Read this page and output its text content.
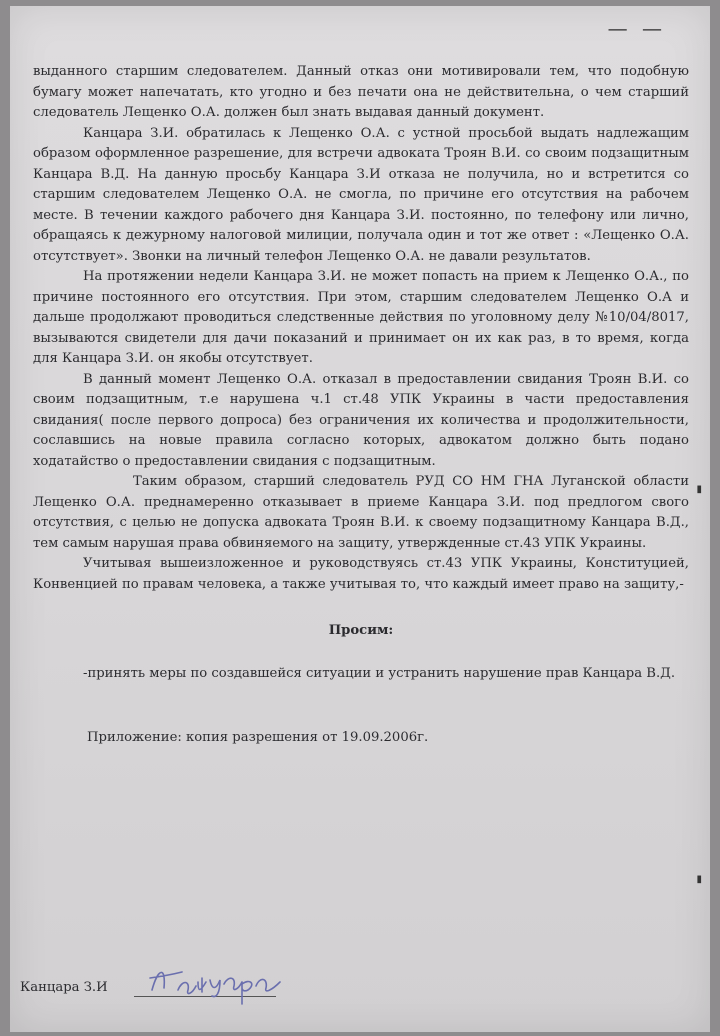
— —

выданного старшим следователем. Данный отказ они мотивировали тем, что подобную бумагу может напечатать, кто угодно и без печати она не действительна, о чем старший следователь Лещенко О.А. должен был знать выдавая данный документ.

Канцара З.И. обратилась к Лещенко О.А. с устной просьбой выдать надлежащим образом оформленное разрешение, для встречи адвоката Троян В.И. со своим подзащитным Канцара В.Д. На данную просьбу Канцара З.И отказа не получила, но и встретится со старшим следователем Лещенко О.А. не смогла, по причине его отсутствия на рабочем месте. В течении каждого рабочего дня Канцара З.И. постоянно, по телефону или лично, обращаясь к дежурному налоговой милиции, получала один и тот же ответ : «Лещенко О.А. отсутствует». Звонки на личный телефон Лещенко О.А. не давали результатов.

На протяжении недели Канцара З.И. не может попасть на прием к Лещенко О.А., по причине постоянного его отсутствия. При этом, старшим следователем Лещенко О.А и дальше продолжают проводиться следственные действия по уголовному делу №10/04/8017, вызываются свидетели для дачи показаний и принимает он их как раз, в то время, когда для Канцара З.И. он якобы отсутствует.

В данный момент Лещенко О.А. отказал в предоставлении свидания Троян В.И. со своим подзащитным, т.е нарушена ч.1 ст.48 УПК Украины в части предоставления свидания( после первого допроса) без ограничения их количества и продолжительности, сославшись на новые правила согласно которых, адвокатом должно быть подано ходатайство о предоставлении свидания с подзащитным.

Таким образом, старший следователь РУД СО НМ ГНА Луганской области Лещенко О.А. преднамеренно отказывает в приеме Канцара З.И. под предлогом свого отсутствия, с целью не допуска адвоката Троян В.И. к своему подзащитному Канцара В.Д., тем самым нарушая права обвиняемого на защиту, утвержденные ст.43 УПК Украины.

Учитывая вышеизложенное и руководствуясь ст.43 УПК Украины, Конституцией, Конвенцией по правам человека, а также учитывая то, что каждый имеет право на защиту,-

Просим:

-принять меры по создавшейся ситуации и устранить нарушение прав Канцара В.Д.

Приложение: копия разрешения от 19.09.2006г.

▮
▮
Канцара З.И
